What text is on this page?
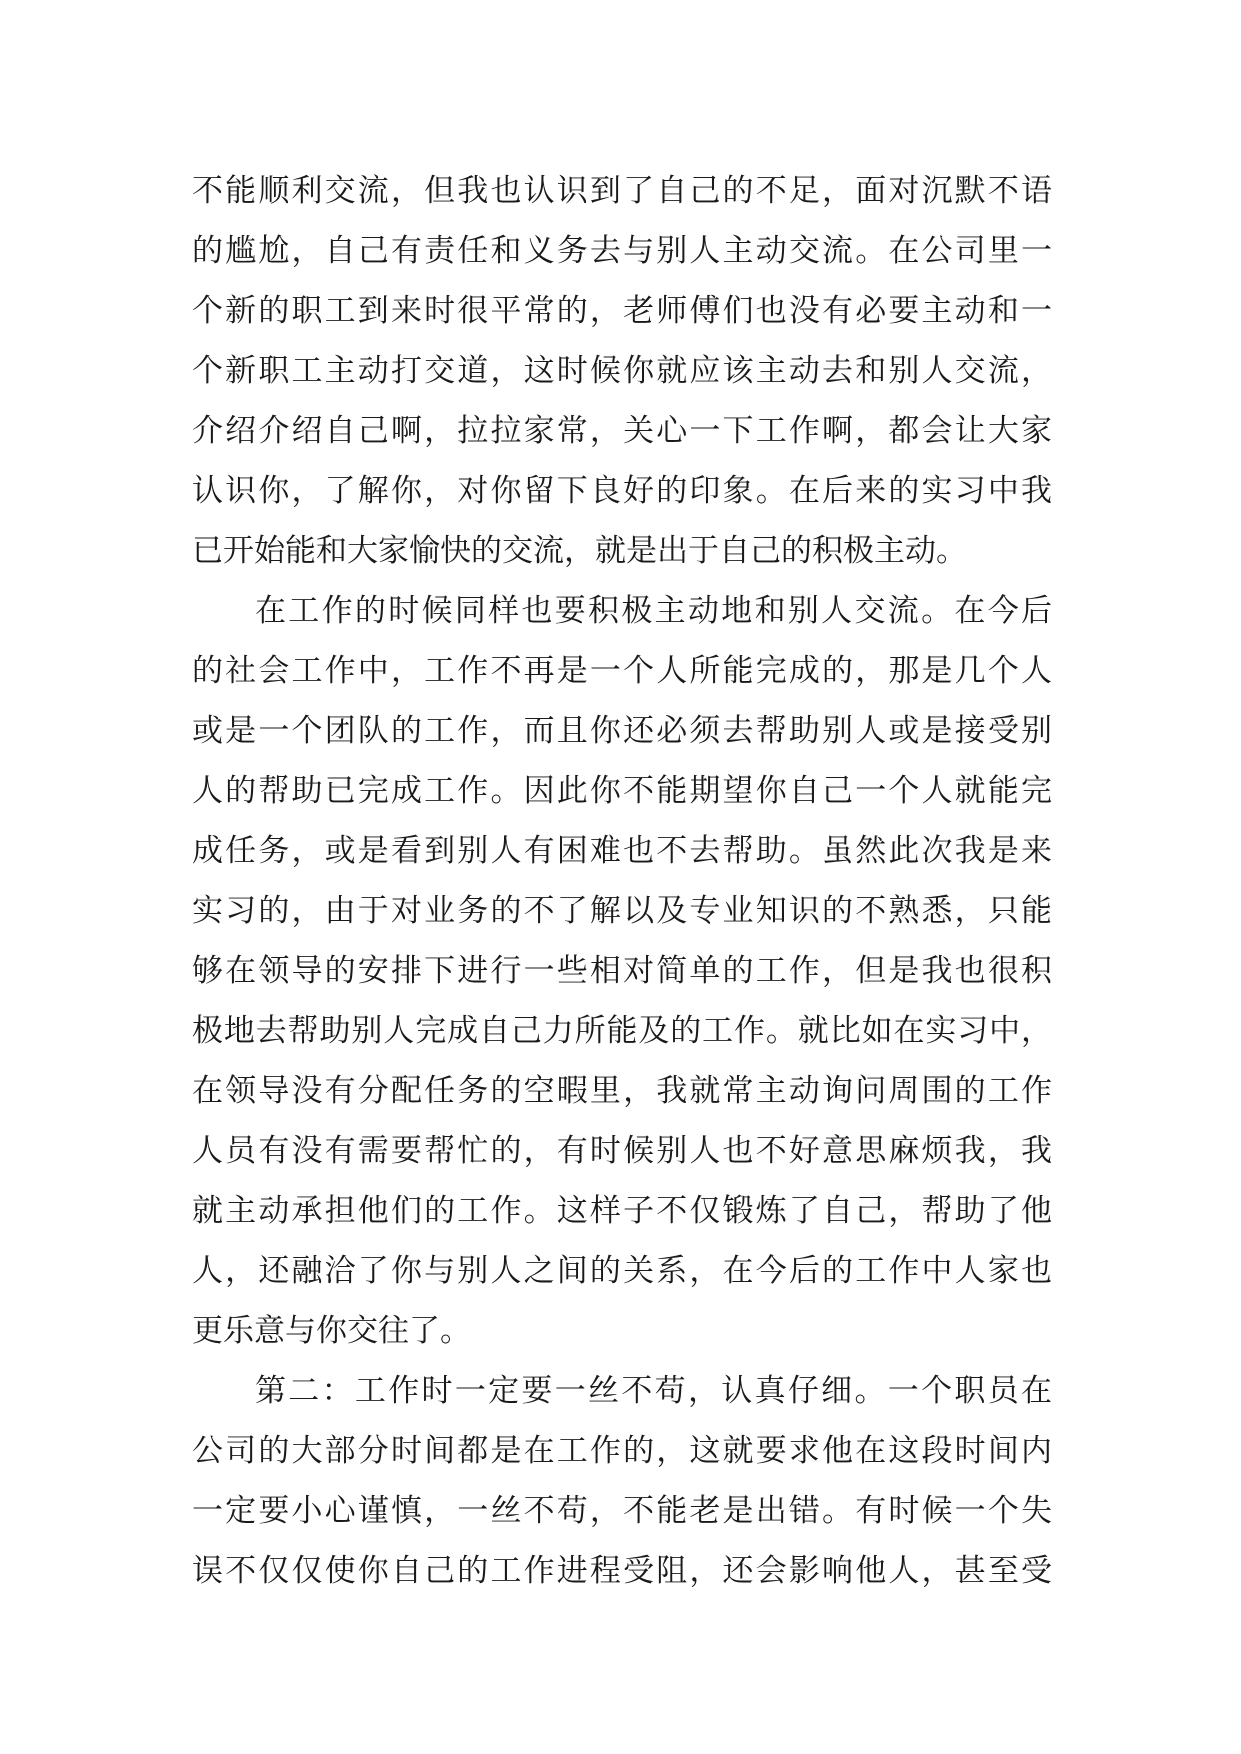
不能顺利交流，但我也认识到了自己的不足，面对沉默不语
的尴尬，自己有责任和义务去与别人主动交流。在公司里一
个新的职工到来时很平常的，老师傅们也没有必要主动和一
个新职工主动打交道，这时候你就应该主动去和别人交流，
介绍介绍自己啊，拉拉家常，关心一下工作啊，都会让大家
认识你，了解你，对你留下良好的印象。在后来的实习中我
已开始能和大家愉快的交流，就是出于自己的积极主动。
在工作的时候同样也要积极主动地和别人交流。在今后
的社会工作中，工作不再是一个人所能完成的，那是几个人
或是一个团队的工作，而且你还必须去帮助别人或是接受别
人的帮助已完成工作。因此你不能期望你自己一个人就能完
成任务，或是看到别人有困难也不去帮助。虽然此次我是来
实习的，由于对业务的不了解以及专业知识的不熟悉，只能
够在领导的安排下进行一些相对简单的工作，但是我也很积
极地去帮助别人完成自己力所能及的工作。就比如在实习中，
在领导没有分配任务的空暇里，我就常主动询问周围的工作
人员有没有需要帮忙的，有时候别人也不好意思麻烦我，我
就主动承担他们的工作。这样子不仅锻炼了自己，帮助了他
人，还融洽了你与别人之间的关系，在今后的工作中人家也
更乐意与你交往了。
第二：工作时一定要一丝不苟，认真仔细。一个职员在
公司的大部分时间都是在工作的，这就要求他在这段时间内
一定要小心谨慎，一丝不苟，不能老是出错。有时候一个失
误不仅仅使你自己的工作进程受阻，还会影响他人，甚至受
